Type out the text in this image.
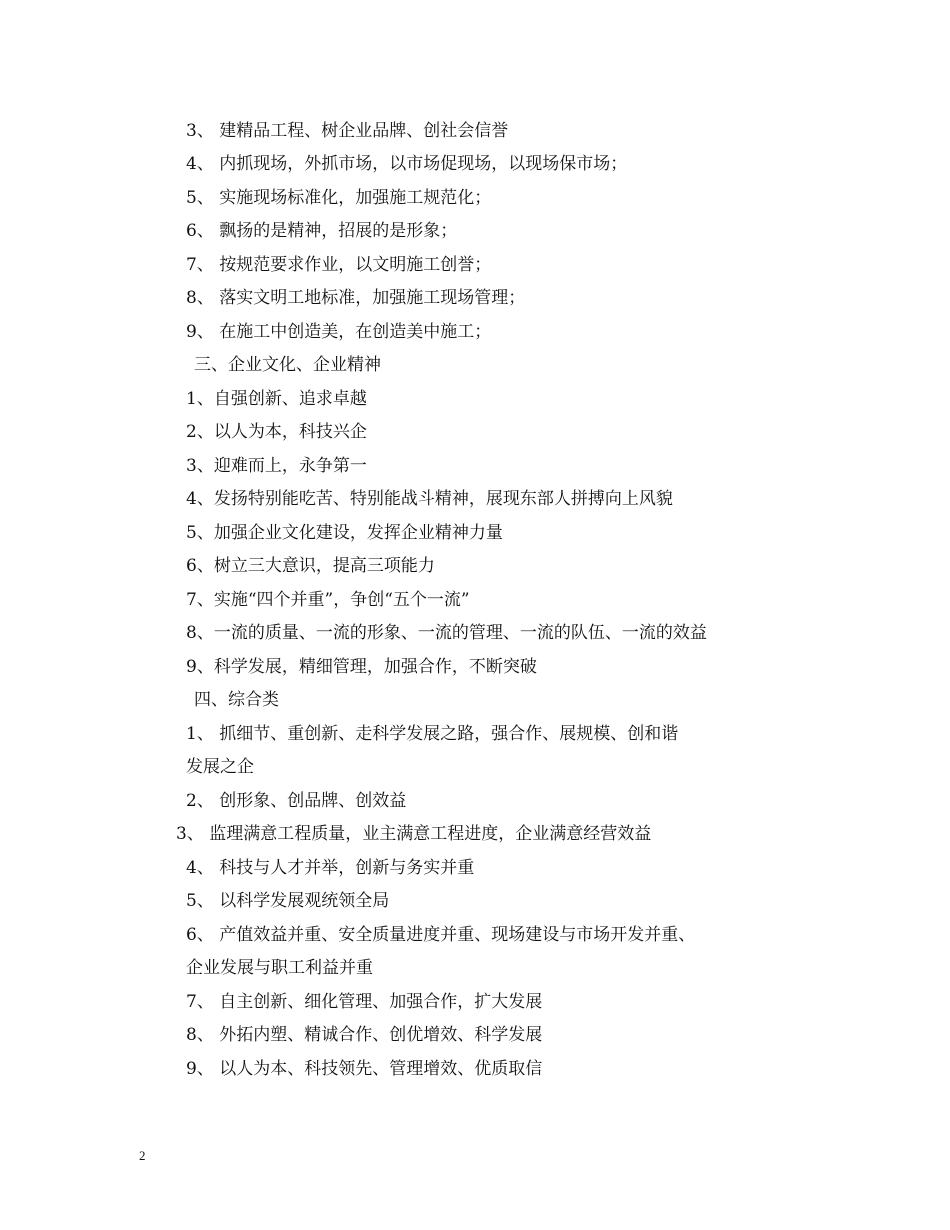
3、 建精品工程、树企业品牌、创社会信誉
4、 内抓现场，外抓市场，以市场促现场，以现场保市场；
5、 实施现场标准化，加强施工规范化；
6、 飘扬的是精神，招展的是形象；
7、 按规范要求作业，以文明施工创誉；
8、 落实文明工地标准，加强施工现场管理；
9、 在施工中创造美，在创造美中施工；
三、企业文化、企业精神
1、自强创新、追求卓越
2、以人为本，科技兴企
3、迎难而上，永争第一
4、发扬特别能吃苦、特别能战斗精神，展现东部人拼搏向上风貌
5、加强企业文化建设，发挥企业精神力量
6、树立三大意识，提高三项能力
7、实施“四个并重”，争创“五个一流”
8、一流的质量、一流的形象、一流的管理、一流的队伍、一流的效益
9、科学发展，精细管理，加强合作，不断突破
四、综合类
1、 抓细节、重创新、走科学发展之路，强合作、展规模、创和谐
发展之企
2、 创形象、创品牌、创效益
3、 监理满意工程质量，业主满意工程进度，企业满意经营效益
4、 科技与人才并举，创新与务实并重
5、 以科学发展观统领全局
6、 产值效益并重、安全质量进度并重、现场建设与市场开发并重、
企业发展与职工利益并重
7、 自主创新、细化管理、加强合作，扩大发展
8、 外拓内塑、精诚合作、创优增效、科学发展
9、 以人为本、科技领先、管理增效、优质取信
2
